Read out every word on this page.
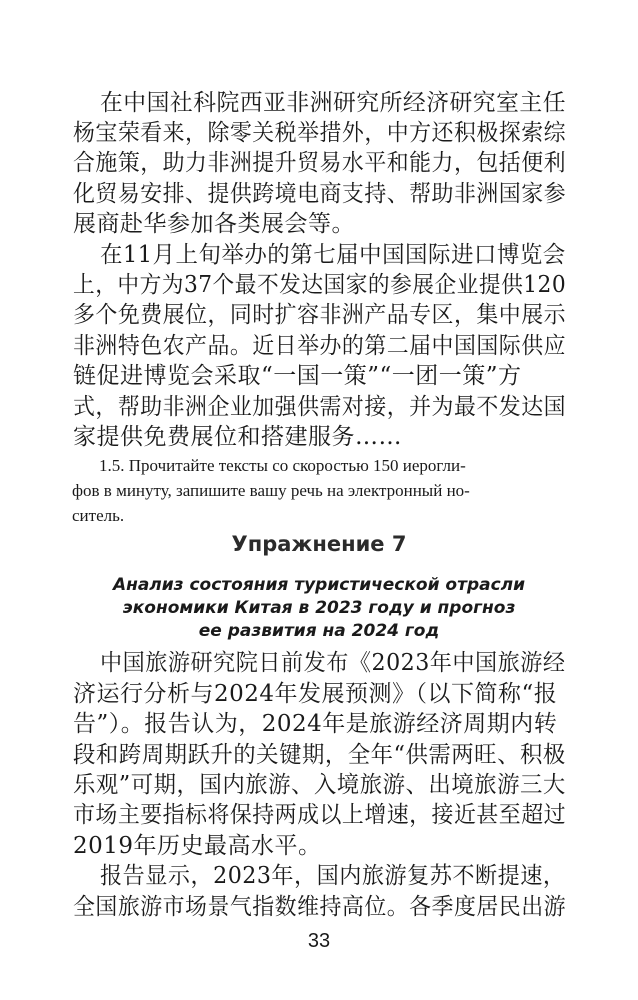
在中国社科院西亚非洲研究所经济研究室主任
杨宝荣看来，除零关税举措外，中方还积极探索综
合施策，助力非洲提升贸易水平和能力，包括便利
化贸易安排、提供跨境电商支持、帮助非洲国家参
展商赴华参加各类展会等。
在11月上旬举办的第七届中国国际进口博览会
上，中方为37个最不发达国家的参展企业提供120
多个免费展位，同时扩容非洲产品专区，集中展示
非洲特色农产品。近日举办的第二届中国国际供应
链促进博览会采取“一国一策”“一团一策”方
式，帮助非洲企业加强供需对接，并为最不发达国
家提供免费展位和搭建服务……
1.5. Прочитайте тексты со скоростью 150 иерогли-
фов в минуту, запишите вашу речь на электронный но-
ситель.
Упражнение 7
Анализ состояния туристической отрасли
экономики Китая в 2023 году и прогноз
ее развития на 2024 год
中国旅游研究院日前发布《2023年中国旅游经
济运行分析与2024年发展预测》（以下简称“报
告”）。报告认为，2024年是旅游经济周期内转
段和跨周期跃升的关键期，全年“供需两旺、积极
乐观”可期，国内旅游、入境旅游、出境旅游三大
市场主要指标将保持两成以上增速，接近甚至超过
2019年历史最高水平。
报告显示，2023年，国内旅游复苏不断提速，
全国旅游市场景气指数维持高位。各季度居民出游
33
